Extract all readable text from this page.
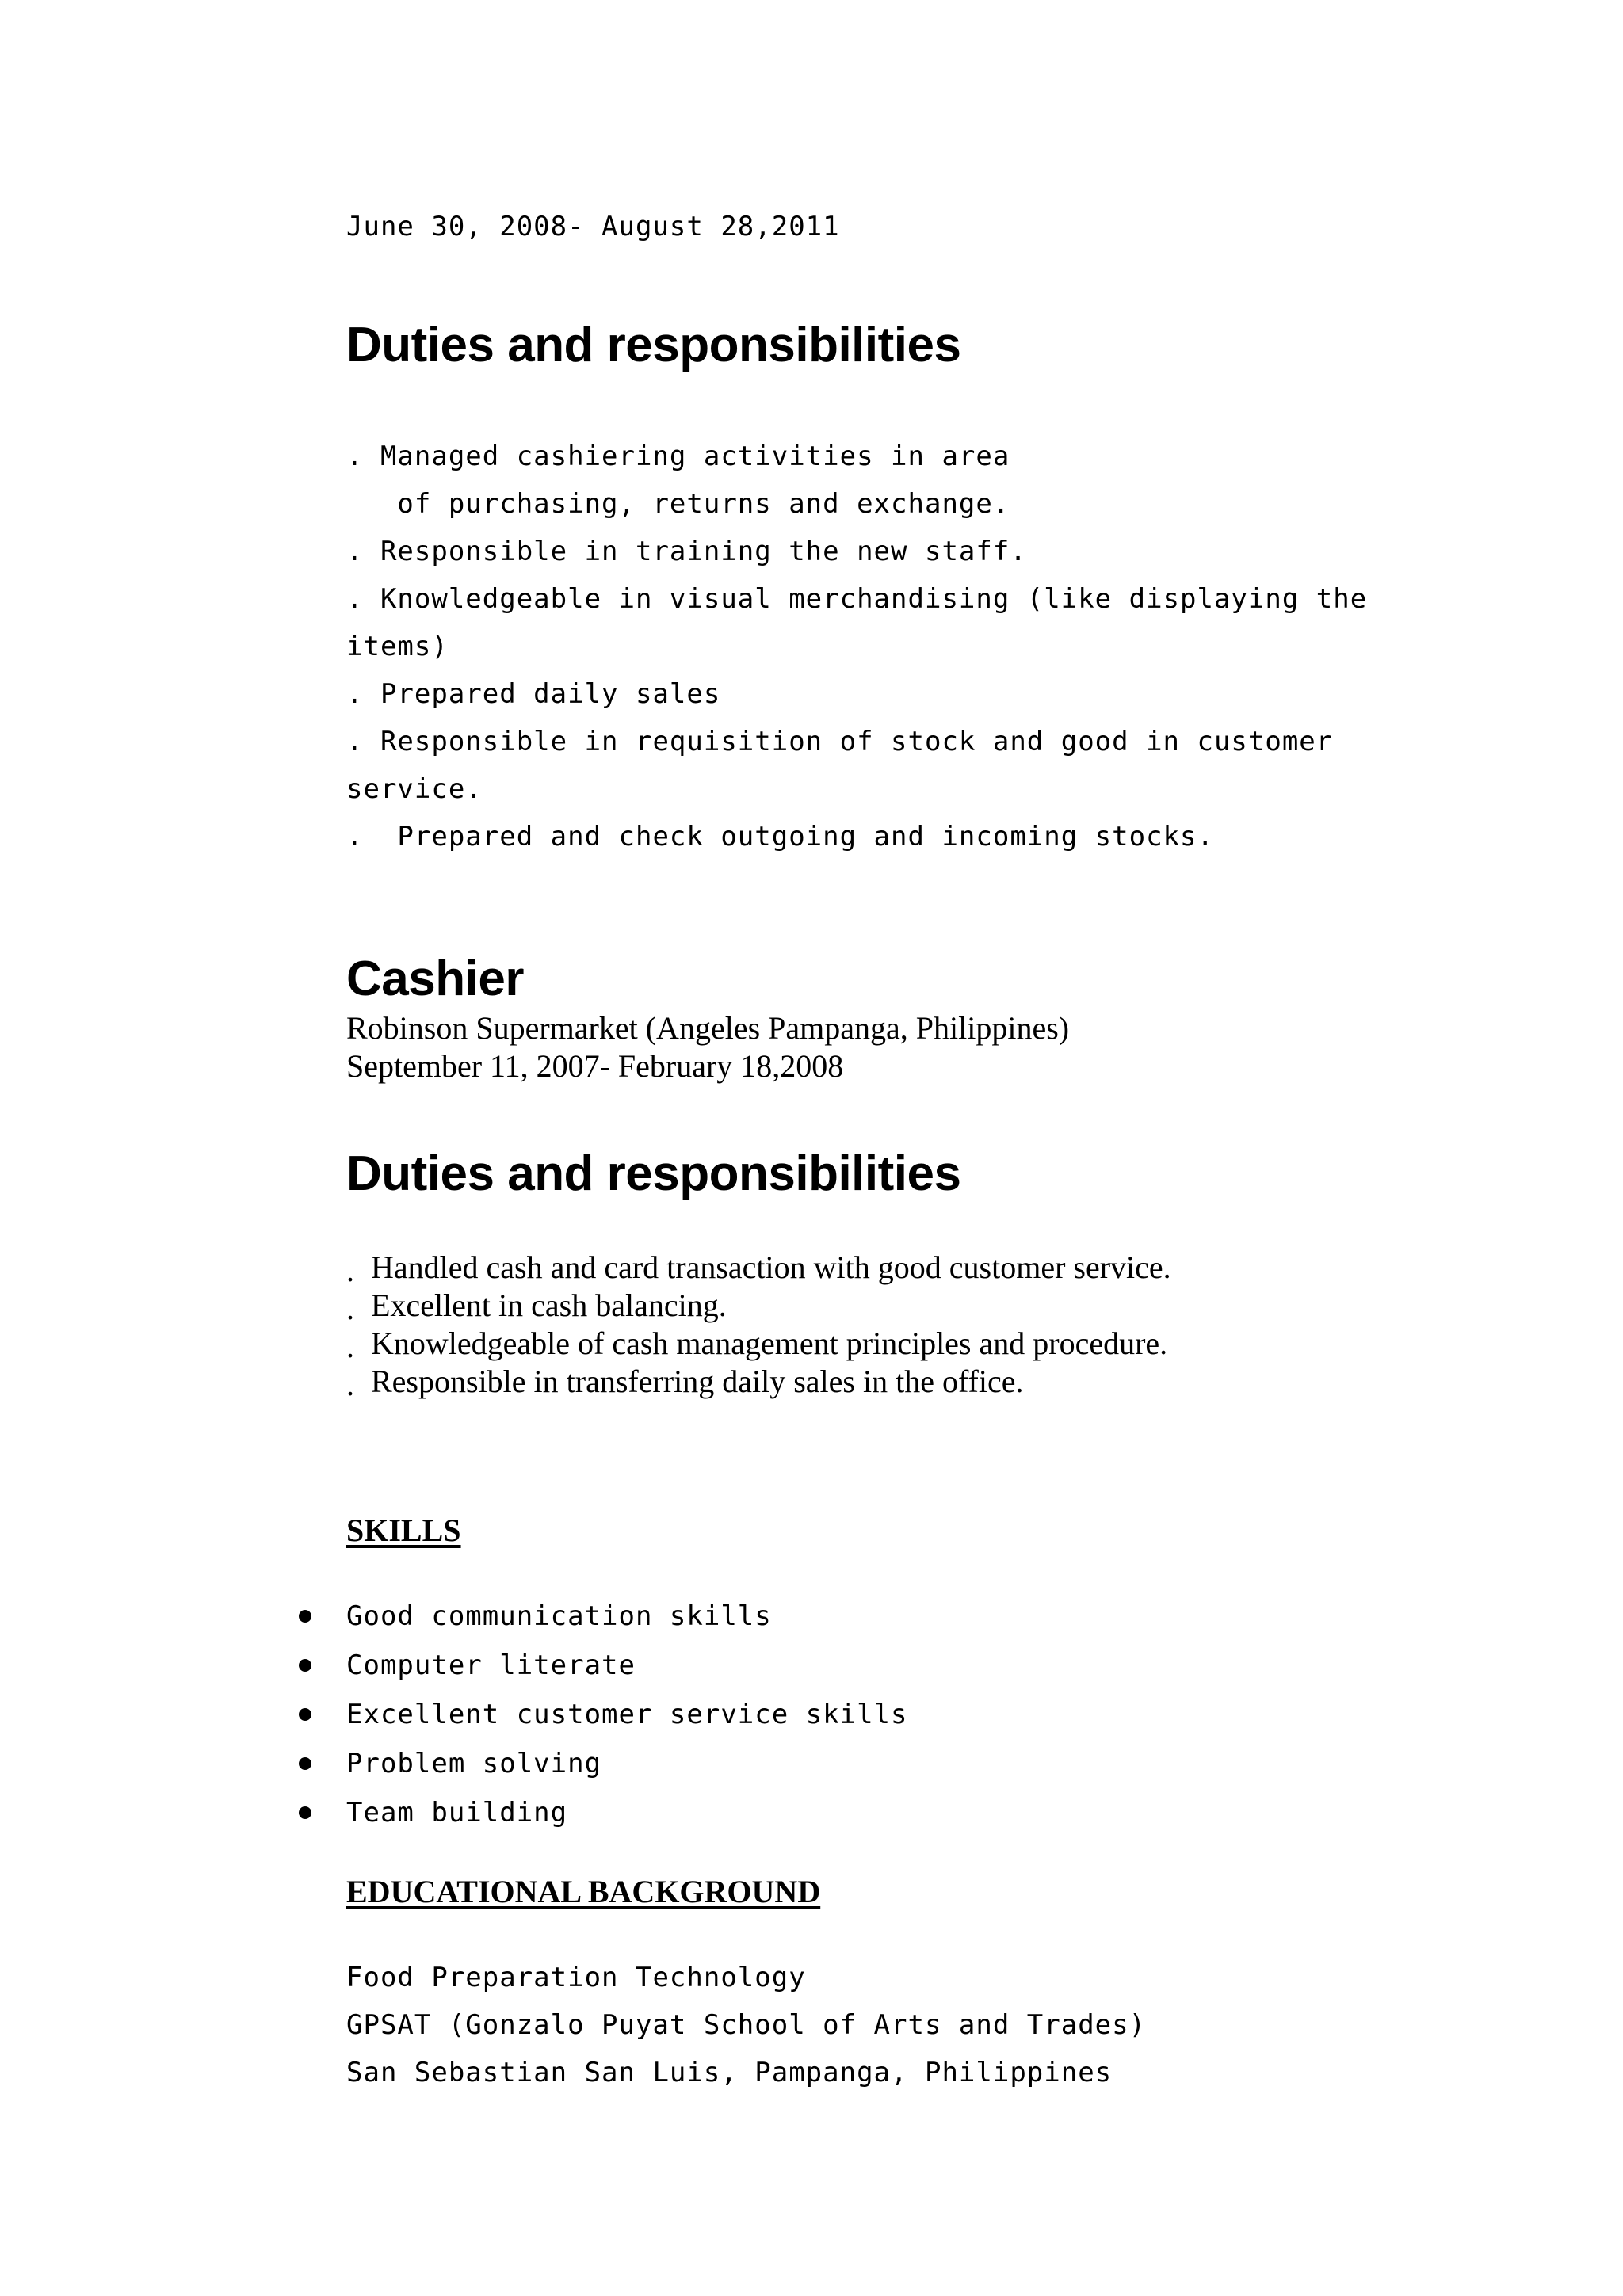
June 30, 2008- August 28,2011
Duties and responsibilities
. Managed cashiering activities in area
of purchasing, returns and exchange.
. Responsible in training the new staff.
. Knowledgeable in visual merchandising (like displaying the
items)
. Prepared daily sales
. Responsible in requisition of stock and good in customer
service.
.  Prepared and check outgoing and incoming stocks.
Cashier
Robinson Supermarket (Angeles Pampanga, Philippines)
September 11, 2007- February 18,2008
Duties and responsibilities
. Handled cash and card transaction with good customer service.
. Excellent in cash balancing.
. Knowledgeable of cash management principles and procedure.
. Responsible in transferring daily sales in the office.
SKILLS
Good communication skills
Computer literate
Excellent customer service skills
Problem solving
Team building
EDUCATIONAL BACKGROUND
Food Preparation Technology
GPSAT (Gonzalo Puyat School of Arts and Trades)
San Sebastian San Luis, Pampanga, Philippines
